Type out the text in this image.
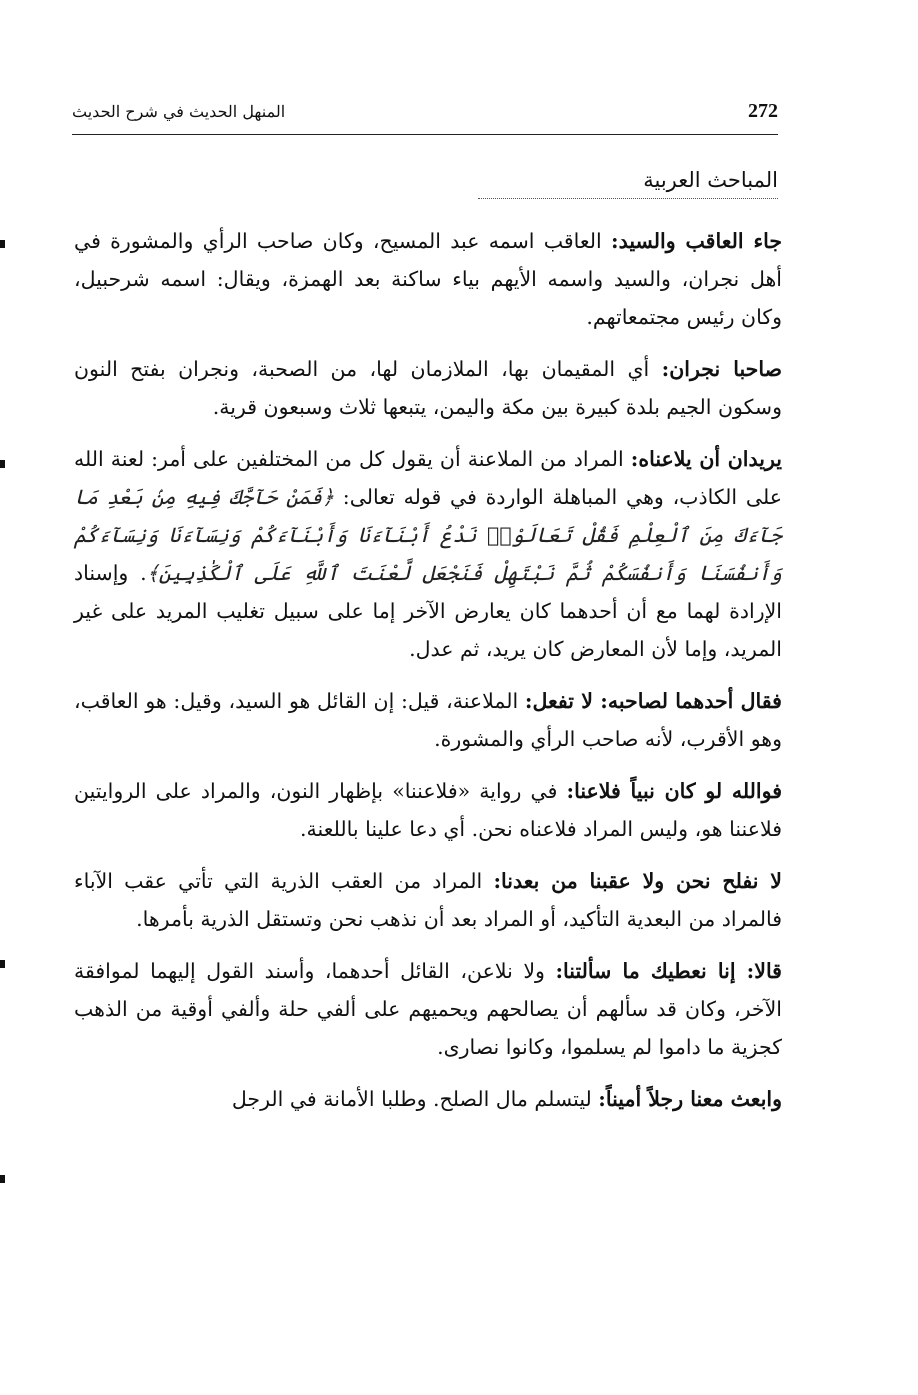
272
المنهل الحديث في شرح الحديث
المباحث العربية

جاء العاقب والسيد: العاقب اسمه عبد المسيح، وكان صاحب الرأي والمشورة في أهل نجران، والسيد واسمه الأيهم بياء ساكنة بعد الهمزة، ويقال: اسمه شرحبيل، وكان رئيس مجتمعاتهم.

صاحبا نجران: أي المقيمان بها، الملازمان لها، من الصحبة، ونجران بفتح النون وسكون الجيم بلدة كبيرة بين مكة واليمن، يتبعها ثلاث وسبعون قرية.

يريدان أن يلاعناه: المراد من الملاعنة أن يقول كل من المختلفين على أمر: لعنة الله على الكاذب، وهي المباهلة الواردة في قوله تعالى: ﴿فَمَنْ حَآجَّكَ فِيهِ مِنۢ بَعْدِ مَا جَآءَكَ مِنَ ٱلْعِلْمِ فَقُلْ تَعَالَوْا۟ نَدْعُ أَبْنَآءَنَا وَأَبْنَآءَكُمْ وَنِسَآءَنَا وَنِسَآءَكُمْ وَأَنفُسَنَا وَأَنفُسَكُمْ ثُمَّ نَبْتَهِلْ فَنَجْعَل لَّعْنَتَ ٱللَّهِ عَلَى ٱلْكَٰذِبِينَ﴾. وإسناد الإرادة لهما مع أن أحدهما كان يعارض الآخر إما على سبيل تغليب المريد على غير المريد، وإما لأن المعارض كان يريد، ثم عدل.

فقال أحدهما لصاحبه: لا تفعل: الملاعنة، قيل: إن القائل هو السيد، وقيل: هو العاقب، وهو الأقرب، لأنه صاحب الرأي والمشورة.

فوالله لو كان نبياً فلاعنا: في رواية «فلاعننا» بإظهار النون، والمراد على الروايتين فلاعننا هو، وليس المراد فلاعناه نحن. أي دعا علينا باللعنة.

لا نفلح نحن ولا عقبنا من بعدنا: المراد من العقب الذرية التي تأتي عقب الآباء فالمراد من البعدية التأكيد، أو المراد بعد أن نذهب نحن وتستقل الذرية بأمرها.

قالا: إنا نعطيك ما سألتنا: ولا نلاعن، القائل أحدهما، وأسند القول إليهما لموافقة الآخر، وكان قد سألهم أن يصالحهم ويحميهم على ألفي حلة وألفي أوقية من الذهب كجزية ما داموا لم يسلموا، وكانوا نصارى.

وابعث معنا رجلاً أميناً: ليتسلم مال الصلح. وطلبا الأمانة في الرجل
